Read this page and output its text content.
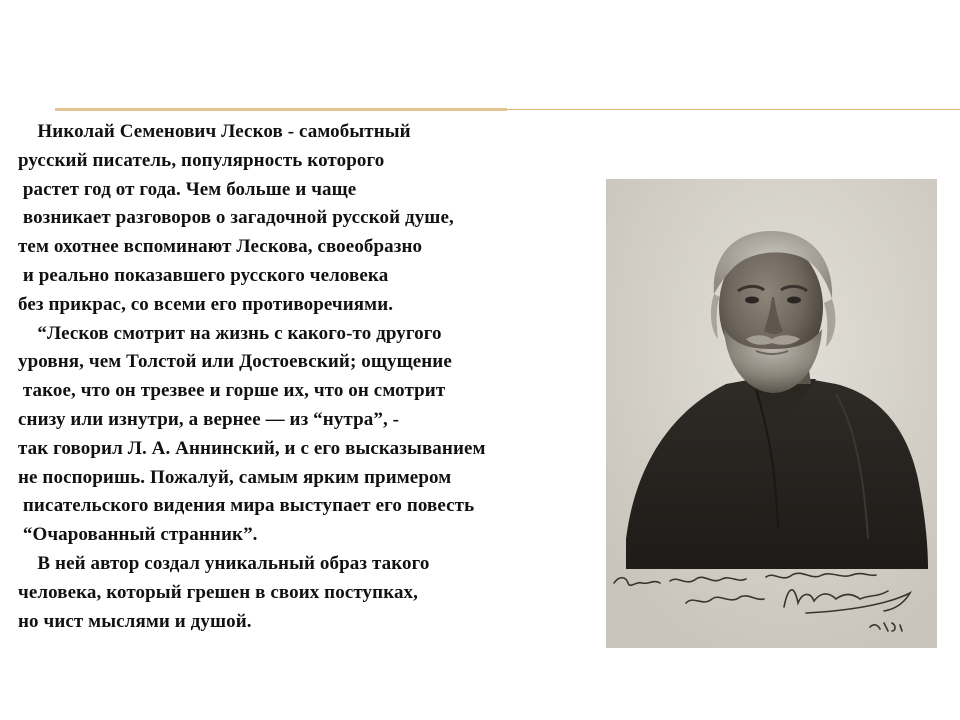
Николай Семенович Лесков - самобытный
русский писатель, популярность которого
растет год от года. Чем больше и чаще
возникает разговоров о загадочной русской душе,
тем охотнее вспоминают Лескова, своеобразно
и реально показавшего русского человека
без прикрас, со всеми его противоречиями.
“Лесков смотрит на жизнь с какого-то другого
уровня, чем Толстой или Достоевский; ощущение
такое, что он трезвее и горше их, что он смотрит
снизу или изнутри, а вернее — из “нутра”, -
так говорил Л. А. Аннинский, и с его высказыванием
не поспоришь. Пожалуй, самым ярким примером
писательского видения мира выступает его повесть
“Очарованный странник”.
В ней автор создал уникальный образ такого
человека, который грешен в своих поступках,
но чист мыслями и душой.
